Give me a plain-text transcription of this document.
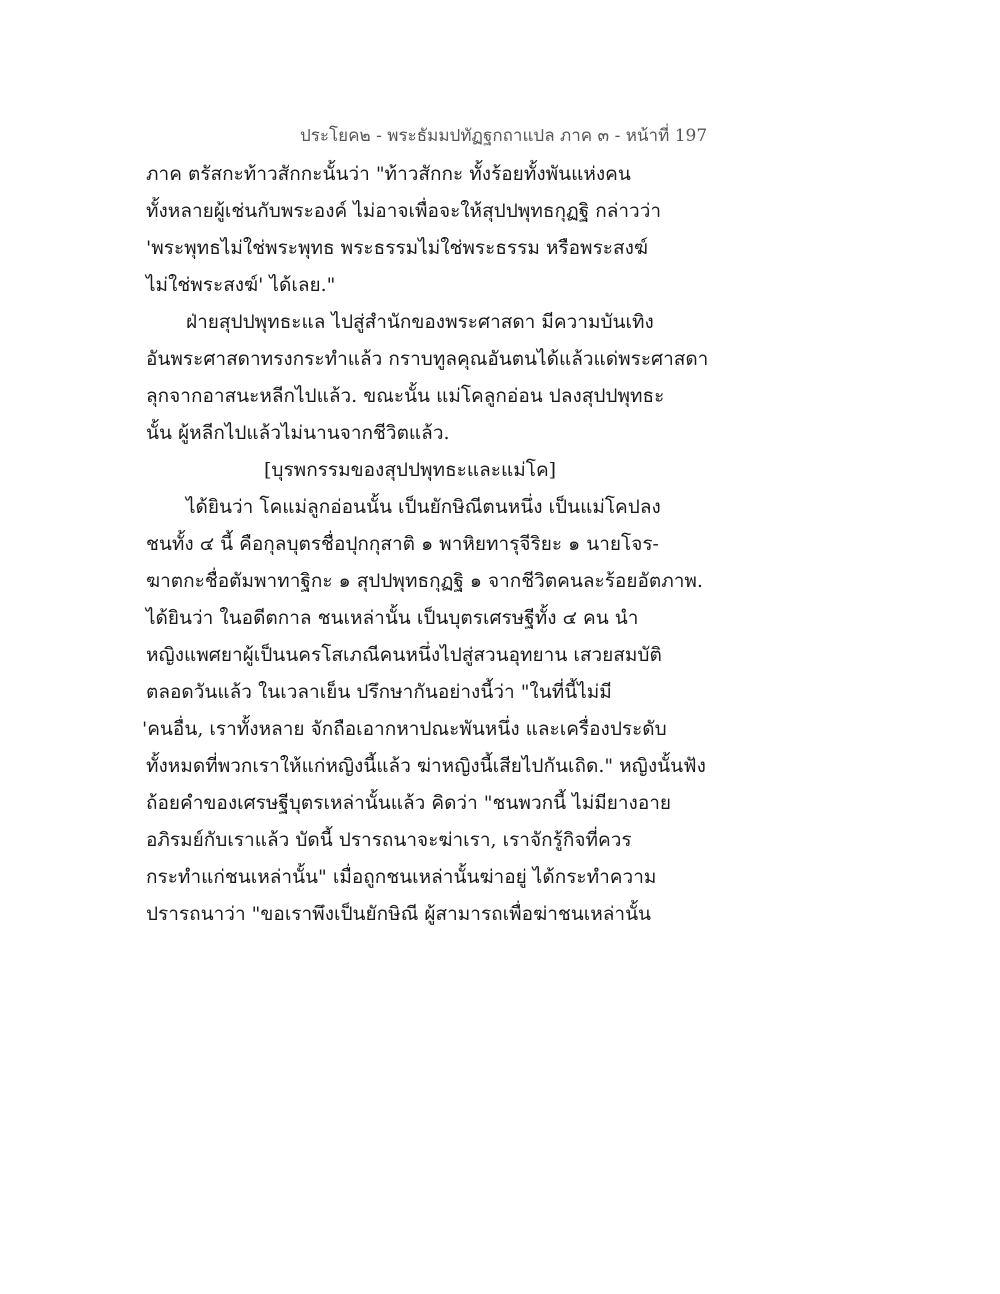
ประโยค๒ - พระธัมมปทัฏฐกถาแปล ภาค ๓ - หน้าที่ 197
ภาค ตรัสกะท้าวสักกะนั้นว่า "ท้าวสักกะ ทั้งร้อยทั้งพันแห่งคน
ทั้งหลายผู้เช่นกับพระองค์ ไม่อาจเพื่อจะให้สุปปพุทธกุฏฐิ กล่าวว่า
'พระพุทธไม่ใช่พระพุทธ พระธรรมไม่ใช่พระธรรม หรือพระสงฆ์
ไม่ใช่พระสงฆ์' ได้เลย."
ฝ่ายสุปปพุทธะแล ไปสู่สำนักของพระศาสดา มีความบันเทิง
อันพระศาสดาทรงกระทำแล้ว กราบทูลคุณอันตนได้แล้วแด่พระศาสดา
ลุกจากอาสนะหลีกไปแล้ว. ขณะนั้น แม่โคลูกอ่อน ปลงสุปปพุทธะ
นั้น ผู้หลีกไปแล้วไม่นานจากชีวิตแล้ว.
[บุรพกรรมของสุปปพุทธะและแม่โค]
ได้ยินว่า โคแม่ลูกอ่อนนั้น เป็นยักษิณีตนหนึ่ง เป็นแม่โคปลง
ชนทั้ง ๔ นี้ คือกุลบุตรชื่อปุกกุสาติ ๑ พาหิยทารุจีริยะ ๑ นายโจร-
ฆาตกะชื่อตัมพาทาฐิกะ ๑ สุปปพุทธกุฏฐิ ๑ จากชีวิตคนละร้อยอัตภาพ.
ได้ยินว่า ในอดีตกาล ชนเหล่านั้น เป็นบุตรเศรษฐีทั้ง ๔ คน นำ
หญิงแพศยาผู้เป็นนครโสเภณีคนหนึ่งไปสู่สวนอุทยาน เสวยสมบัติ
ตลอดวันแล้ว ในเวลาเย็น ปรึกษากันอย่างนี้ว่า "ในที่นี้ไม่มี
'คนอื่น, เราทั้งหลาย จักถือเอากหาปณะพันหนึ่ง และเครื่องประดับ
ทั้งหมดที่พวกเราให้แก่หญิงนี้แล้ว ฆ่าหญิงนี้เสียไปกันเถิด." หญิงนั้นฟัง
ถ้อยคำของเศรษฐีบุตรเหล่านั้นแล้ว คิดว่า "ชนพวกนี้ ไม่มียางอาย
อภิรมย์กับเราแล้ว บัดนี้ ปรารถนาจะฆ่าเรา, เราจักรู้กิจที่ควร
กระทำแก่ชนเหล่านั้น" เมื่อถูกชนเหล่านั้นฆ่าอยู่ ได้กระทำความ
ปรารถนาว่า "ขอเราพึงเป็นยักษิณี ผู้สามารถเพื่อฆ่าชนเหล่านั้น
